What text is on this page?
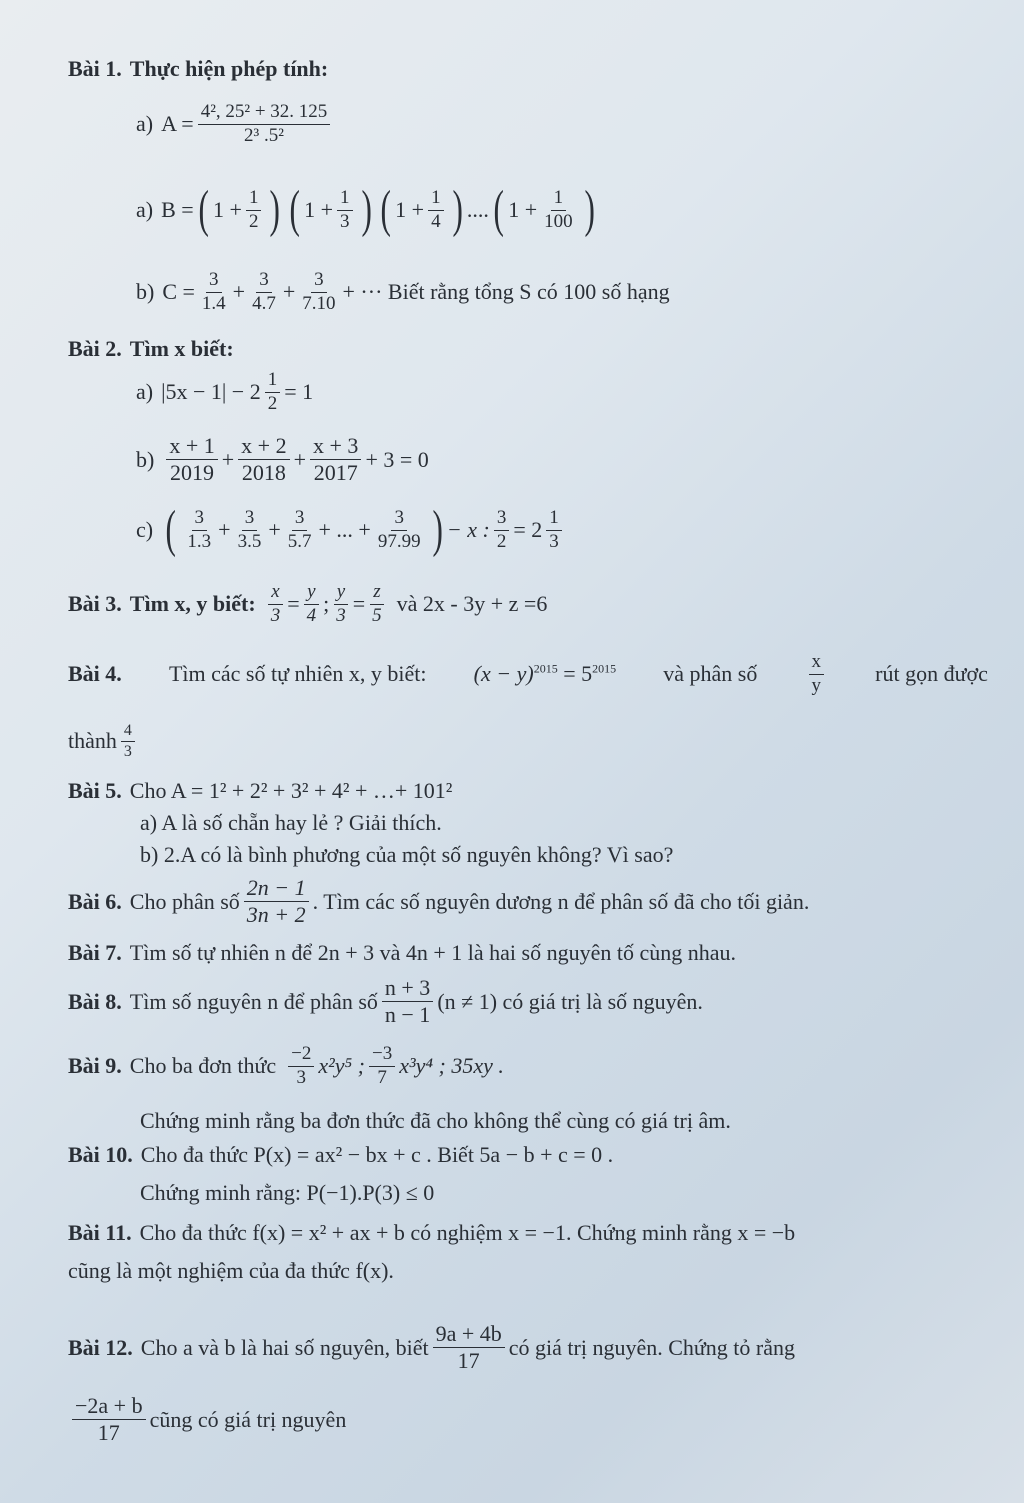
Bài 1. Thực hiện phép tính:
a) $A = \frac{\text{4², 25² + 32. 125}}{\text{2³ .5²}}$
a) B = ( $1 + \frac{1}{2}$ ) ( $1 + \frac{1}{3}$ ) ( $1 + \frac{1}{4}$ ) .... ( $1 + \frac{1}{100}$ )
b) $C = \frac{3}{1.4} + \frac{3}{4.7} + \frac{3}{7.10}$ + ··· Biết rằng tổng S có 100 số hạng
Bài 2. Tìm x biết:
a) $|5x - 1| - 2 \frac{1}{2} = 1$
$b) \frac{x + 1}{2019} + \frac{x + 2}{2018} + \frac{x + 3}{2017} + 3 = 0$
c) ( $\frac{3}{1.3} + \frac{3}{3.5} + \frac{3}{5.7}$ + ... + $\frac{3}{97.99}$ ) − x : $\frac{3}{2} = 2$ 1
3
Bài 3. Tìm x, y biết: $\frac{x}{3} = \frac{y}{4}$ ; $\frac{y}{3} = \frac{z}{5}$ và 2x - 3y + z =6
Bài 4. Tìm các số tự nhiên x, y biết: $(x - y)^{2015} = 5^{2015}$ và phân số	$\frac{x}{y}$ rút gọn được
thành 4
3
Bài 5. Cho A = 1² + 2² + 3² + 4² + …+ 101²
a) A là số chẵn hay lẻ ? Giải thích.
b) 2.A có là bình phương của một số nguyên không? Vì sao?
Bài 6. Cho phân số $\frac{2n - 1}{3n + 2}$ . Tìm các số nguyên dương n để phân số đã cho tối giản.
Bài 7. Tìm số tự nhiên n để 2n + 3 và 4n + 1 là hai số nguyên tố cùng nhau.
Bài 8. Tìm số nguyên n để phân số $\frac{n + 3}{n - 1} (n \ne 1)$ có giá trị là số nguyên.
Bài 9. Cho ba đơn thức −2
3 x²y⁵ ; −3
7 x³y⁴ ; 35xy .
Chứng minh rằng ba đơn thức đã cho không thể cùng có giá trị âm.
Bài 10. Cho đa thức P(x) = ax² − bx + c . Biết 5a − b + c = 0 .
Chứng minh rằng: P(−1).P(3) ≤ 0
Bài 11. Cho đa thức f(x) = x² + ax + b có nghiệm x = −1. Chứng minh rằng x = −b
cũng là một nghiệm của đa thức f(x).
Bài 12. Cho a và b là hai số nguyên, biết $\frac{9a + 4b}{17}$ có giá trị nguyên. Chứng tỏ rằng
−2a + b
17
cũng có giá trị nguyên
